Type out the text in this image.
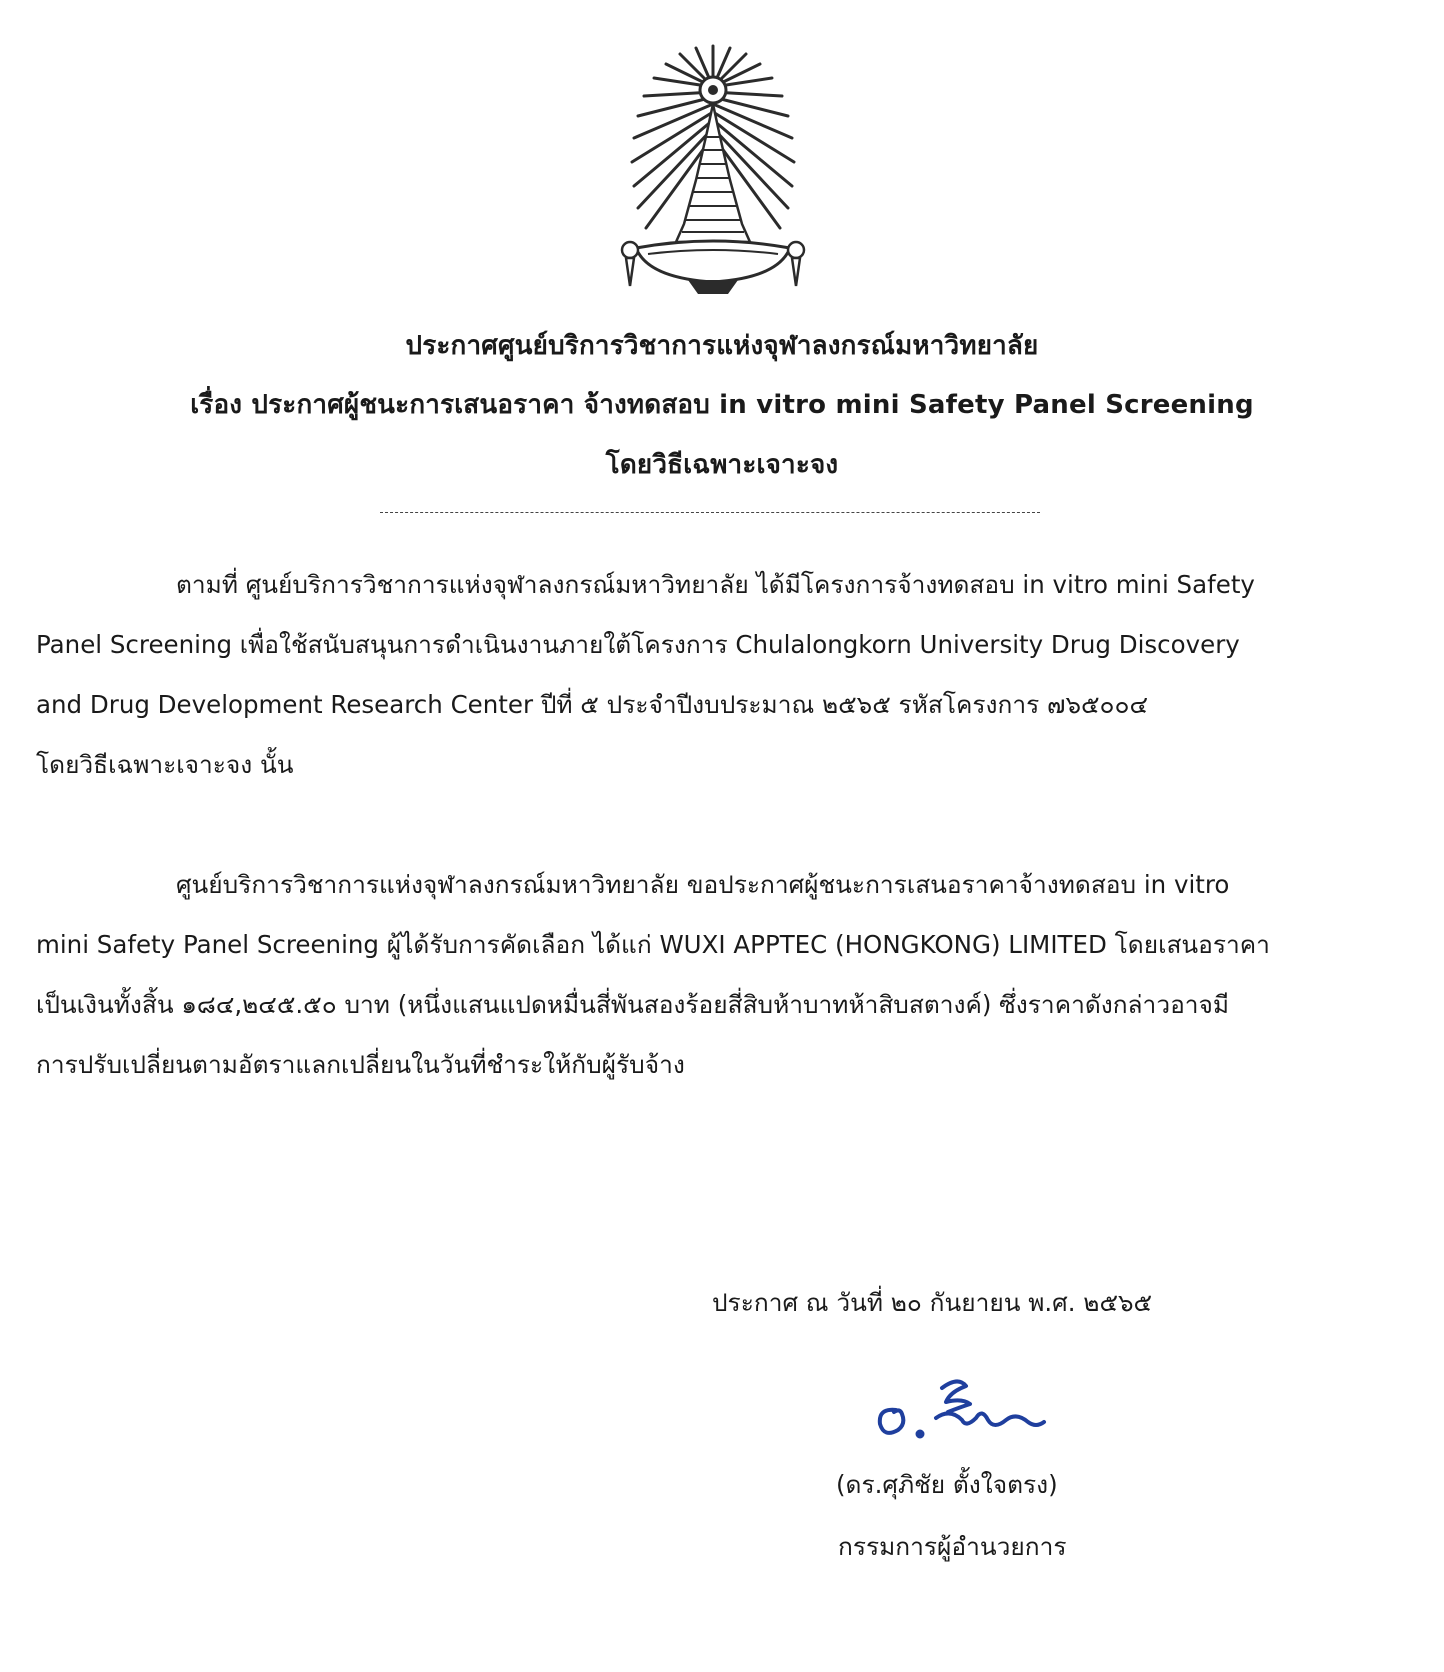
ประกาศศูนย์บริการวิชาการแห่งจุฬาลงกรณ์มหาวิทยาลัย
เรื่อง ประกาศผู้ชนะการเสนอราคา จ้างทดสอบ in vitro mini Safety Panel Screening
โดยวิธีเฉพาะเจาะจง

ตามที่ ศูนย์บริการวิชาการแห่งจุฬาลงกรณ์มหาวิทยาลัย ได้มีโครงการจ้างทดสอบ in vitro mini Safety
Panel Screening เพื่อใช้สนับสนุนการดำเนินงานภายใต้โครงการ Chulalongkorn University Drug Discovery
and Drug Development Research Center ปีที่ ๕ ประจำปีงบประมาณ ๒๕๖๕ รหัสโครงการ ๗๖๕๐๐๔
โดยวิธีเฉพาะเจาะจง นั้น

ศูนย์บริการวิชาการแห่งจุฬาลงกรณ์มหาวิทยาลัย ขอประกาศผู้ชนะการเสนอราคาจ้างทดสอบ in vitro
mini Safety Panel Screening ผู้ได้รับการคัดเลือก ได้แก่ WUXI APPTEC (HONGKONG) LIMITED โดยเสนอราคา
เป็นเงินทั้งสิ้น ๑๘๔,๒๔๕.๕๐ บาท (หนึ่งแสนแปดหมื่นสี่พันสองร้อยสี่สิบห้าบาทห้าสิบสตางค์) ซึ่งราคาดังกล่าวอาจมี
การปรับเปลี่ยนตามอัตราแลกเปลี่ยนในวันที่ชำระให้กับผู้รับจ้าง

ประกาศ ณ วันที่ ๒๐ กันยายน พ.ศ. ๒๕๖๕
(ดร.ศุภิชัย ตั้งใจตรง)
กรรมการผู้อำนวยการ
